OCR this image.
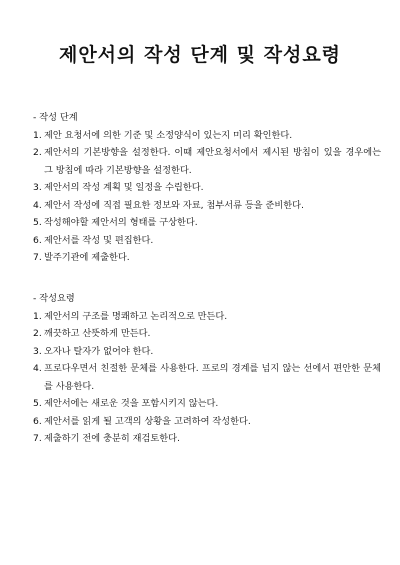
제안서의 작성 단계 및 작성요령
- 작성 단계
1. 제안 요청서에 의한 기준 및 소정양식이 있는지 미리 확인한다.
2. 제안서의 기본방향을 설정한다. 이때 제안요청서에서 제시된 방침이 있을 경우에는 그 방침에 따라 기본방향을 설정한다.
3. 제안서의 작성 계획 및 일정을 수립한다.
4. 제안서 작성에 직접 필요한 정보와 자료, 첨부서류 등을 준비한다.
5. 작성해야할 제안서의 형태를 구상한다.
6. 제안서를 작성 및 편집한다.
7. 발주기관에 제출한다.
- 작성요령
1. 제안서의 구조를 명쾌하고 논리적으로 만든다.
2. 깨끗하고 산뜻하게 만든다.
3. 오자나 탈자가 없어야 한다.
4. 프로다우면서 친절한 문체를 사용한다. 프로의 경계를 넘지 않는 선에서 편안한 문체를 사용한다.
5. 제안서에는 새로운 것을 포함시키지 않는다.
6. 제안서를 읽게 될 고객의 상황을 고려하여 작성한다.
7. 제출하기 전에 충분히 재검토한다.
